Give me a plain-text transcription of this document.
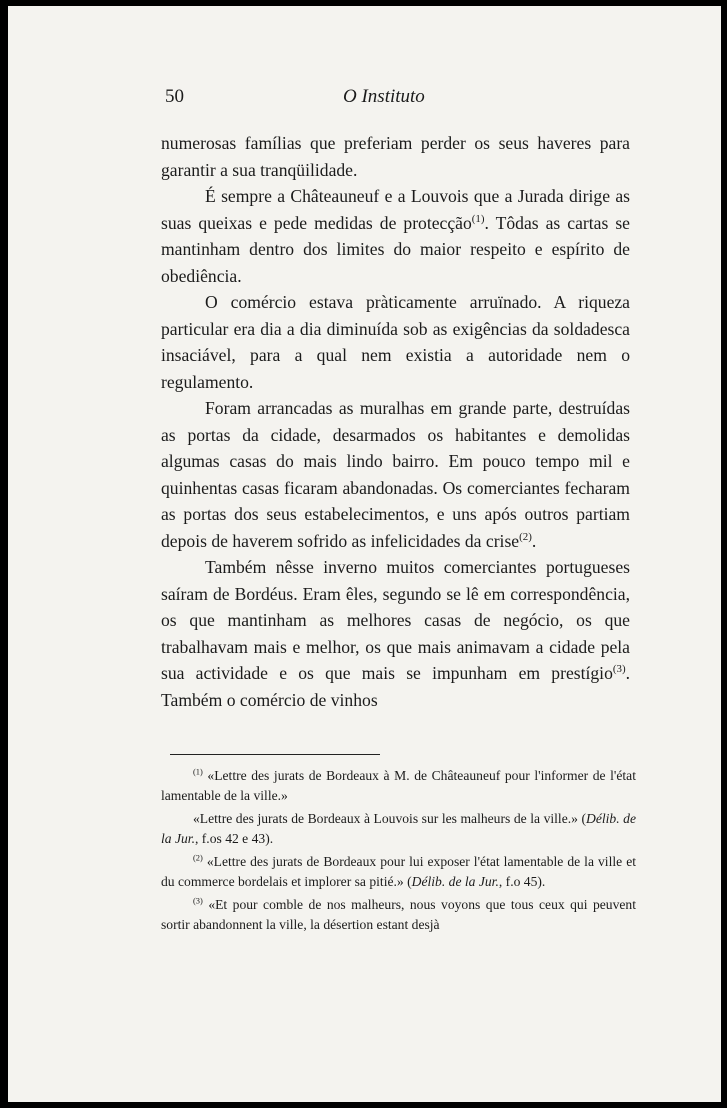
50	O Instituto

numerosas famílias que preferiam perder os seus haveres para garantir a sua tranqüilidade.

É sempre a Châteauneuf e a Louvois que a Jurada dirige as suas queixas e pede medidas de protecção$^{(1)}$. Tôdas as cartas se mantinham dentro dos limites do maior respeito e espírito de obediência.

O comércio estava pràticamente arruïnado. A riqueza particular era dia a dia diminuída sob as exigências da soldadesca insaciável, para a qual nem existia a autoridade nem o regulamento.

Foram arrancadas as muralhas em grande parte, destruídas as portas da cidade, desarmados os habitantes e demolidas algumas casas do mais lindo bairro. Em pouco tempo mil e quinhentas casas ficaram abandonadas. Os comerciantes fecharam as portas dos seus estabelecimentos, e uns após outros partiam depois de haverem sofrido as infelicidades da crise$^{(2)}$.

Também nêsse inverno muitos comerciantes portugueses saíram de Bordéus. Eram êles, segundo se lê em correspondência, os que mantinham as melhores casas de negócio, os que trabalhavam mais e melhor, os que mais animavam a cidade pela sua actividade e os que mais se impunham em prestígio$^{(3)}$. Também o comércio de vinhos

$^{(1)}$ «Lettre des jurats de Bordeaux à M. de Châteauneuf pour l'informer de l'état lamentable de la ville.»

«Lettre des jurats de Bordeaux à Louvois sur les malheurs de la ville.» (Délib. de la Jur., f.os 42 e 43).

$^{(2)}$ «Lettre des jurats de Bordeaux pour lui exposer l'état lamentable de la ville et du commerce bordelais et implorer sa pitié.» (Délib. de la Jur., f.o 45).

$^{(3)}$ «Et pour comble de nos malheurs, nous voyons que tous ceux qui peuvent sortir abandonnent la ville, la désertion estant desjà
